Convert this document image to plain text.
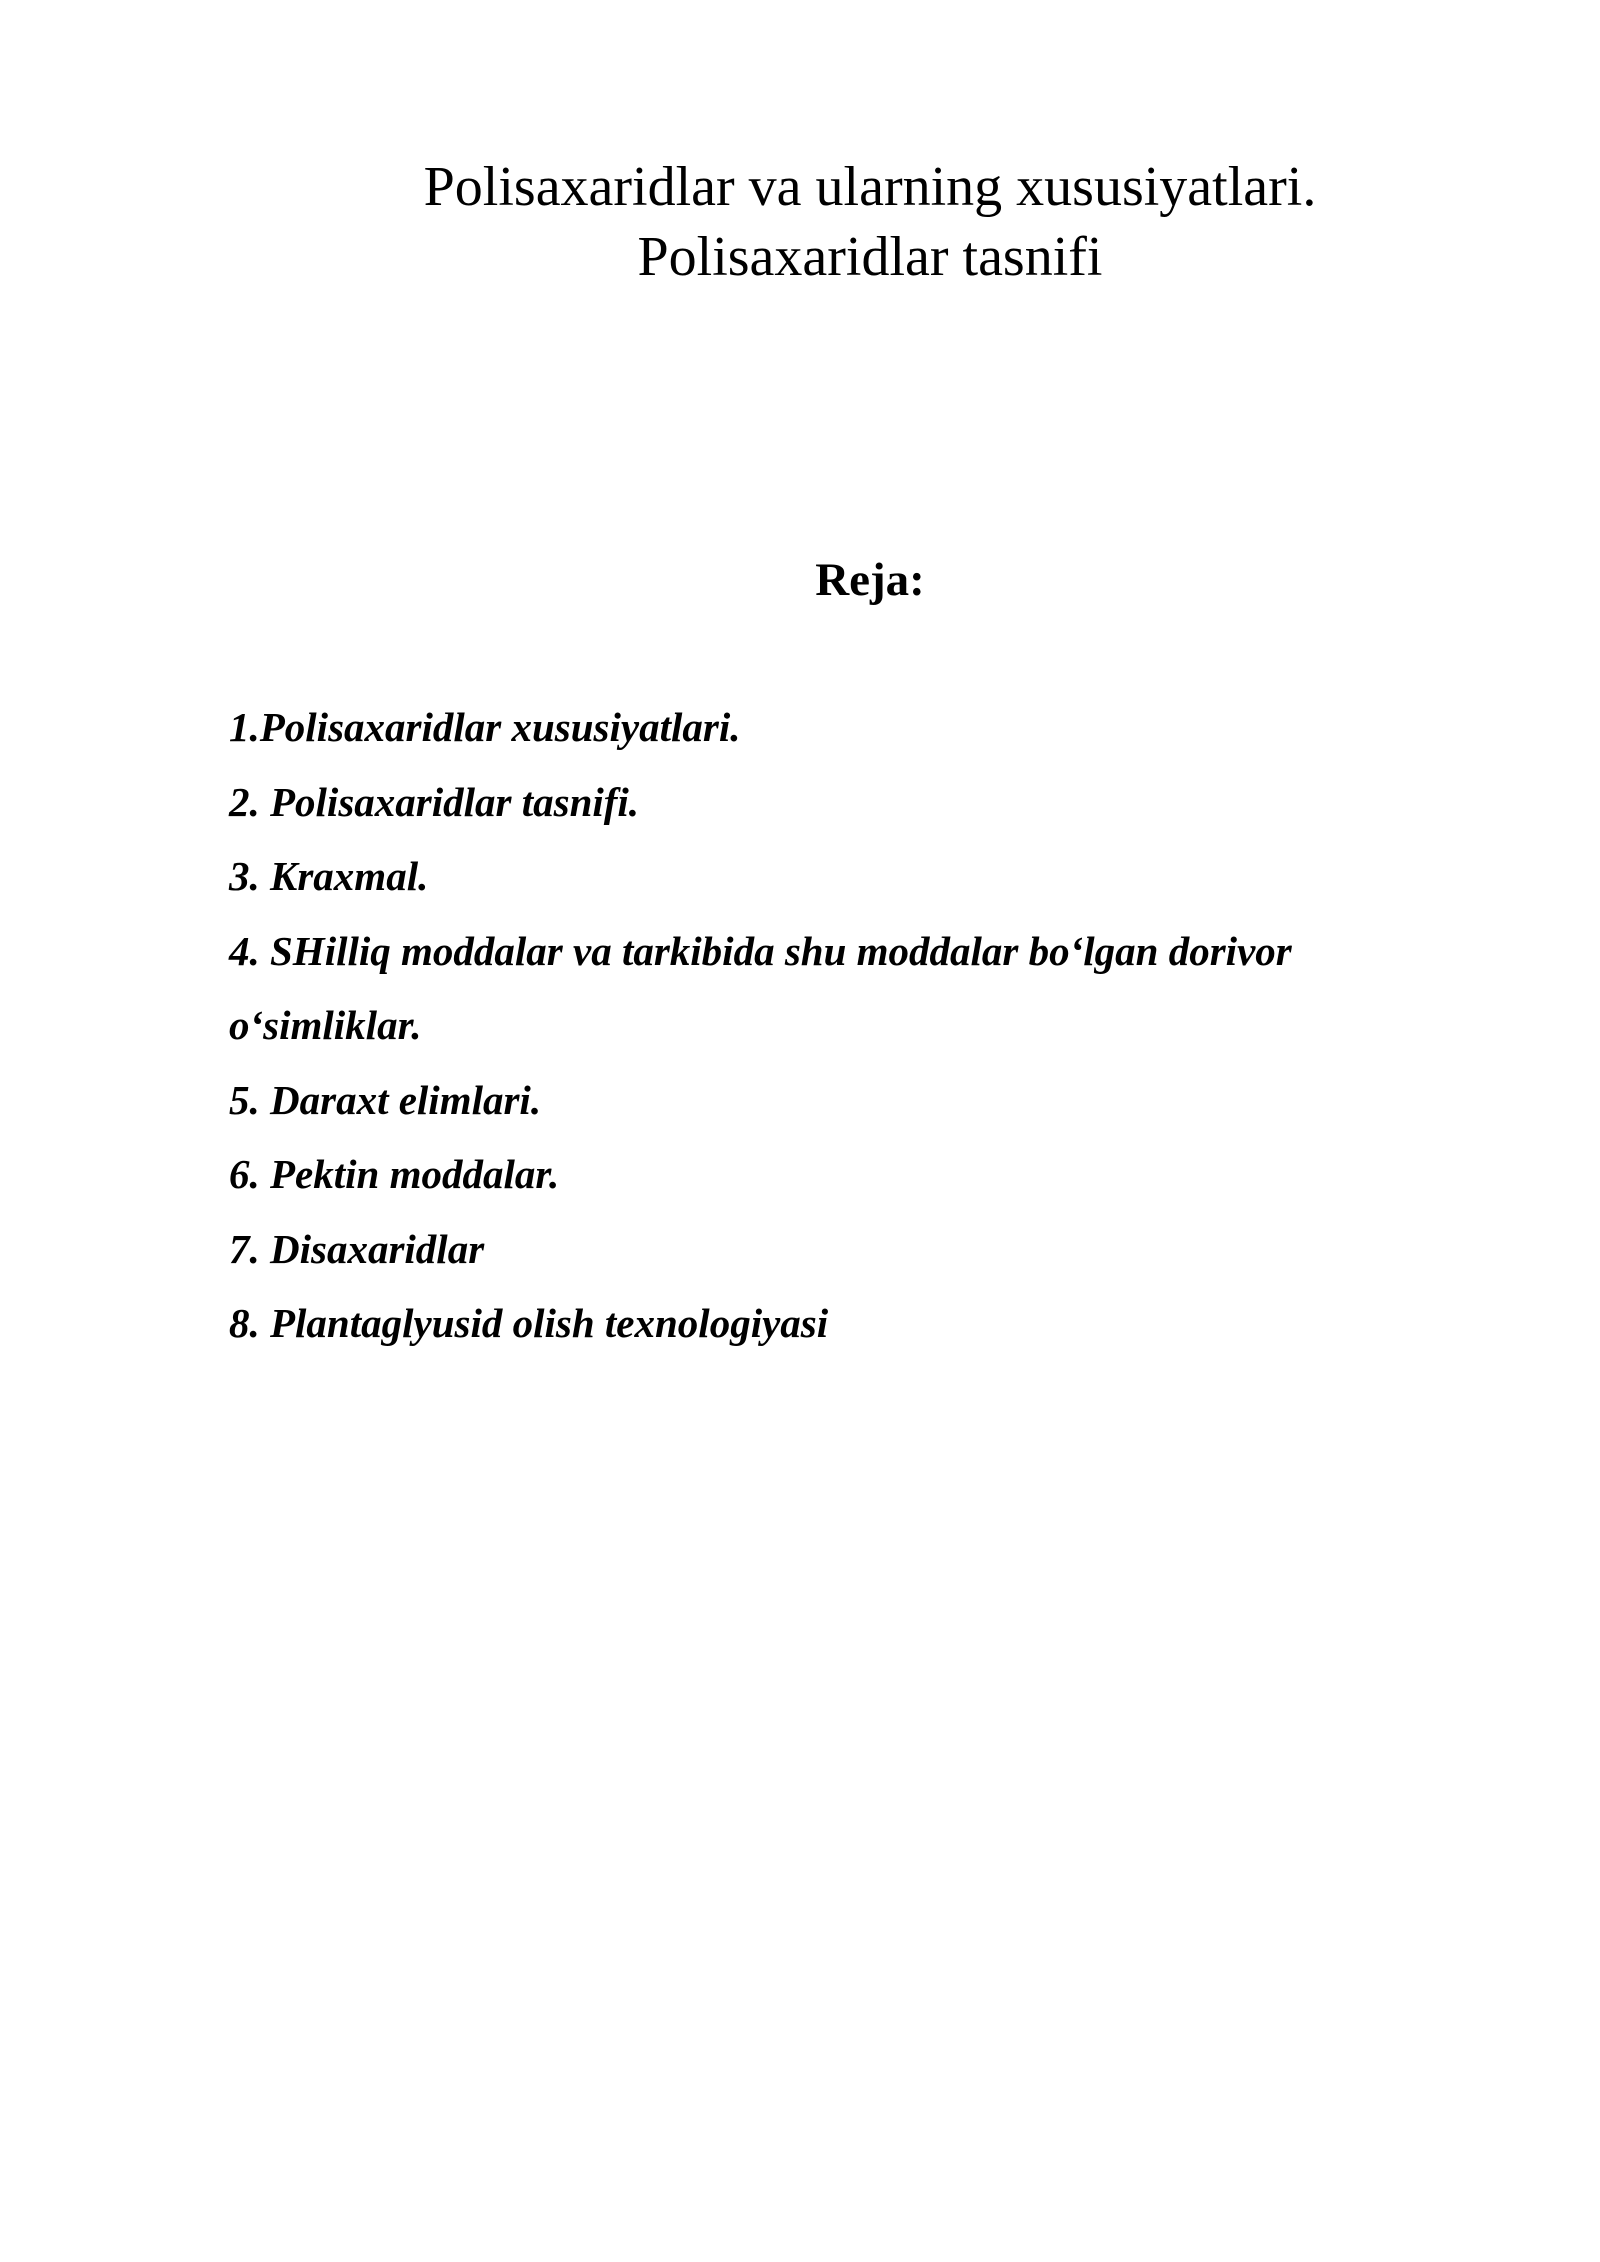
Polisaxaridlar va ularning xususiyatlari.
Polisaxaridlar tasnifi
Reja:
1.Polisaxaridlar xususiyatlari.
2. Polisaxaridlar tasnifi.
3. Kraxmal.
4. SHilliq moddalar va tarkibida shu moddalar bo‘lgan dorivor
o‘simliklar.
5. Daraxt elimlari.
6. Pektin moddalar.
7. Disaxaridlar
8. Plantaglyusid olish texnologiyasi
